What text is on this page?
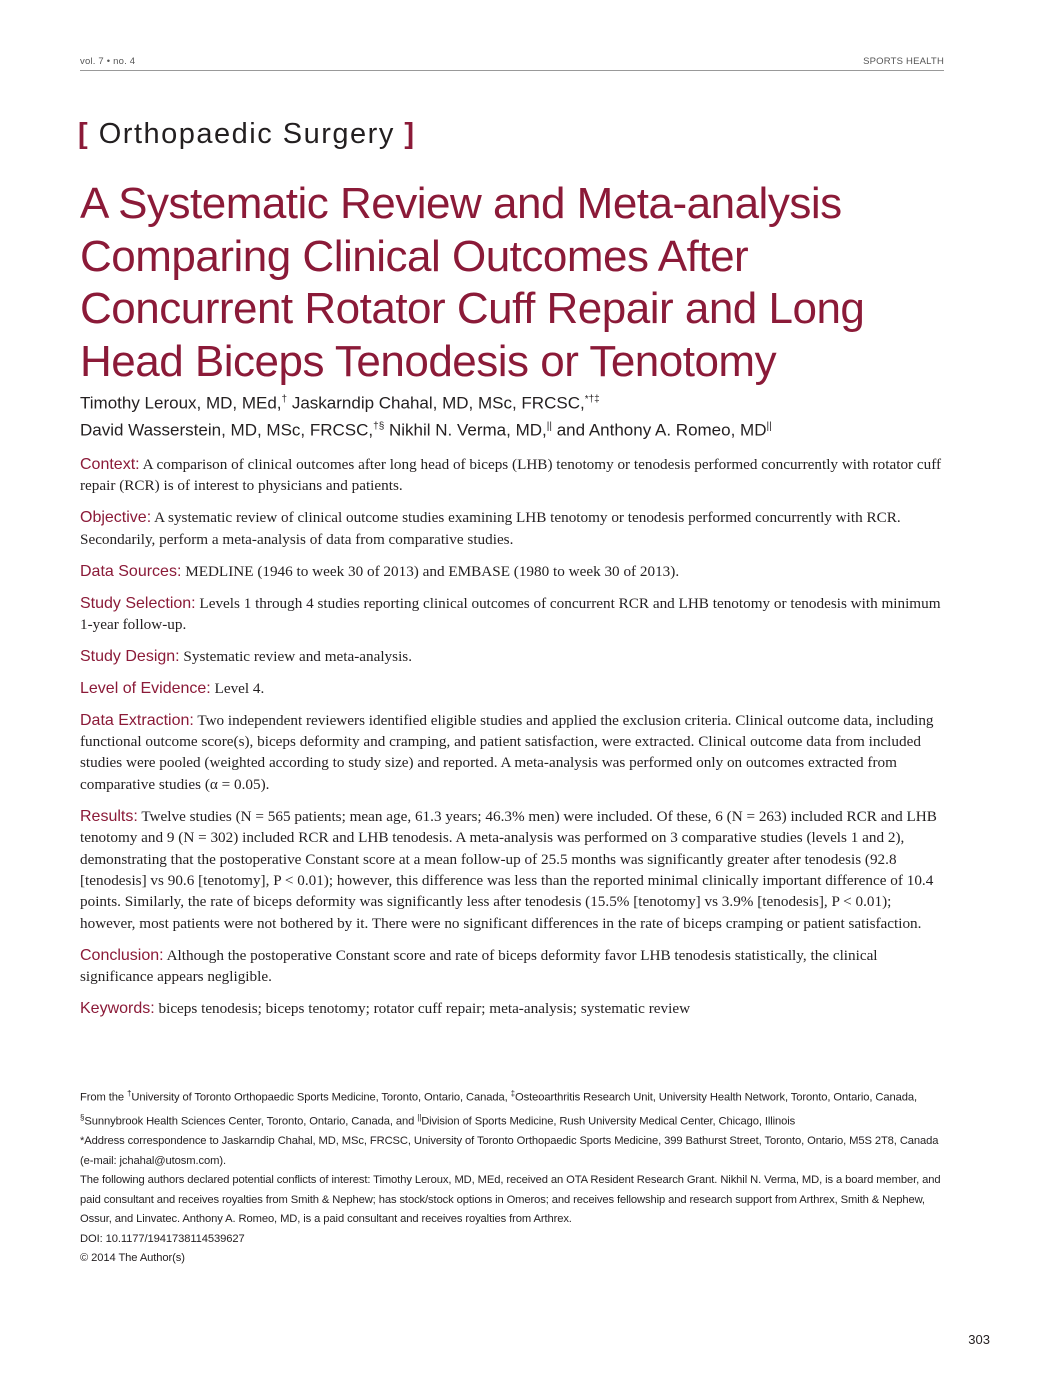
vol. 7 • no. 4	SPORTS HEALTH
[ Orthopaedic Surgery ]
A Systematic Review and Meta-analysis Comparing Clinical Outcomes After Concurrent Rotator Cuff Repair and Long Head Biceps Tenodesis or Tenotomy
Timothy Leroux, MD, MEd,† Jaskarndip Chahal, MD, MSc, FRCSC,*†‡
David Wasserstein, MD, MSc, FRCSC,†§ Nikhil N. Verma, MD,|| and Anthony A. Romeo, MD||

Context: A comparison of clinical outcomes after long head of biceps (LHB) tenotomy or tenodesis performed concurrently with rotator cuff repair (RCR) is of interest to physicians and patients.

Objective: A systematic review of clinical outcome studies examining LHB tenotomy or tenodesis performed concurrently with RCR. Secondarily, perform a meta-analysis of data from comparative studies.

Data Sources: MEDLINE (1946 to week 30 of 2013) and EMBASE (1980 to week 30 of 2013).

Study Selection: Levels 1 through 4 studies reporting clinical outcomes of concurrent RCR and LHB tenotomy or tenodesis with minimum 1-year follow-up.

Study Design: Systematic review and meta-analysis.

Level of Evidence: Level 4.

Data Extraction: Two independent reviewers identified eligible studies and applied the exclusion criteria. Clinical outcome data, including functional outcome score(s), biceps deformity and cramping, and patient satisfaction, were extracted. Clinical outcome data from included studies were pooled (weighted according to study size) and reported. A meta-analysis was performed only on outcomes extracted from comparative studies (α = 0.05).

Results: Twelve studies (N = 565 patients; mean age, 61.3 years; 46.3% men) were included. Of these, 6 (N = 263) included RCR and LHB tenotomy and 9 (N = 302) included RCR and LHB tenodesis. A meta-analysis was performed on 3 comparative studies (levels 1 and 2), demonstrating that the postoperative Constant score at a mean follow-up of 25.5 months was significantly greater after tenodesis (92.8 [tenodesis] vs 90.6 [tenotomy], P < 0.01); however, this difference was less than the reported minimal clinically important difference of 10.4 points. Similarly, the rate of biceps deformity was significantly less after tenodesis (15.5% [tenotomy] vs 3.9% [tenodesis], P < 0.01); however, most patients were not bothered by it. There were no significant differences in the rate of biceps cramping or patient satisfaction.

Conclusion: Although the postoperative Constant score and rate of biceps deformity favor LHB tenodesis statistically, the clinical significance appears negligible.

Keywords: biceps tenodesis; biceps tenotomy; rotator cuff repair; meta-analysis; systematic review

From the †University of Toronto Orthopaedic Sports Medicine, Toronto, Ontario, Canada, ‡Osteoarthritis Research Unit, University Health Network, Toronto, Ontario, Canada, §Sunnybrook Health Sciences Center, Toronto, Ontario, Canada, and ||Division of Sports Medicine, Rush University Medical Center, Chicago, Illinois

*Address correspondence to Jaskarndip Chahal, MD, MSc, FRCSC, University of Toronto Orthopaedic Sports Medicine, 399 Bathurst Street, Toronto, Ontario, M5S 2T8, Canada (e-mail: jchahal@utosm.com).

The following authors declared potential conflicts of interest: Timothy Leroux, MD, MEd, received an OTA Resident Research Grant. Nikhil N. Verma, MD, is a board member, and paid consultant and receives royalties from Smith & Nephew; has stock/stock options in Omeros; and receives fellowship and research support from Arthrex, Smith & Nephew, Ossur, and Linvatec. Anthony A. Romeo, MD, is a paid consultant and receives royalties from Arthrex.

DOI: 10.1177/1941738114539627

© 2014 The Author(s)

303
